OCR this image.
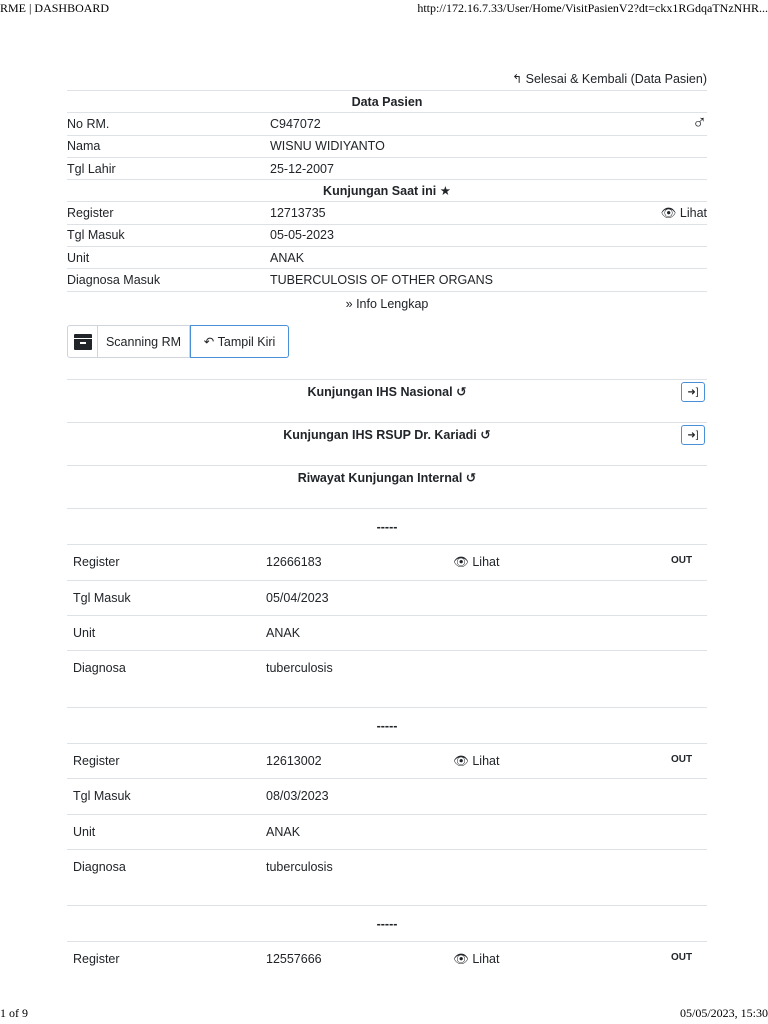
RME | DASHBOARD	http://172.16.7.33/User/Home/VisitPasienV2?dt=ckx1RGdqaTNzNHR...
↰ Selesai & Kembali (Data Pasien)
Data Pasien		
No RM.	C947072	♂
Nama	WISNU WIDIYANTO	
Tgl Lahir	25-12-2007	
Kunjungan Saat ini ★		
Register	12713735	👁︎ Lihat
Tgl Masuk	05-05-2023	
Unit	ANAK	
Diagnosa Masuk	TUBERCULOSIS OF OTHER ORGANS	
» Info Lengkap
Scanning RM	↶
Tampil Kiri
Kunjungan IHS Nasional ↺	➜]
Kunjungan IHS RSUP Dr. Kariadi ↺	➜]
Riwayat Kunjungan Internal ↺
-----
Register	12666183	👁︎ Lihat	OUT
Tgl Masuk	05/04/2023
Unit	ANAK
Diagnosa	tuberculosis
-----
Register	12613002	👁︎ Lihat	OUT
Tgl Masuk	08/03/2023
Unit	ANAK
Diagnosa	tuberculosis
-----
Register	12557666	👁︎ Lihat	OUT
1 of 9	05/05/2023, 15:30
